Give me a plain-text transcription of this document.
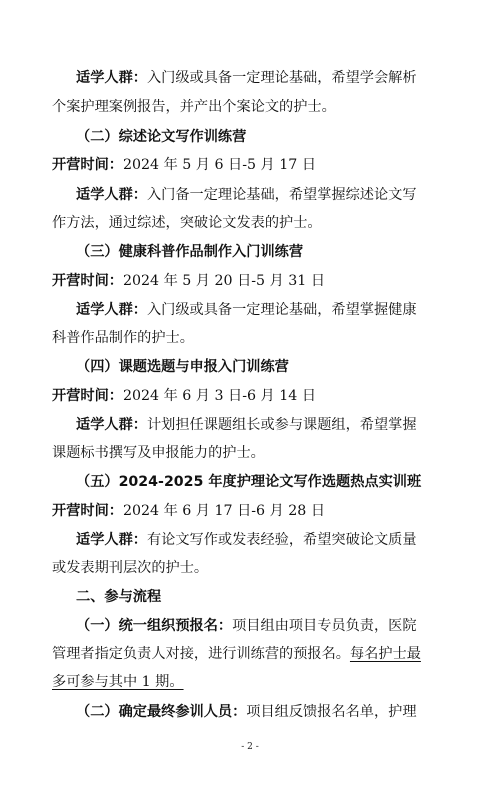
适学人群：入门级或具备一定理论基础，希望学会解析
个案护理案例报告，并产出个案论文的护士。
（二）综述论文写作训练营
开营时间：2024 年 5 月 6 日-5 月 17 日
适学人群：入门备一定理论基础，希望掌握综述论文写
作方法，通过综述，突破论文发表的护士。
（三）健康科普作品制作入门训练营
开营时间：2024 年 5 月 20 日-5 月 31 日
适学人群：入门级或具备一定理论基础，希望掌握健康
科普作品制作的护士。
（四）课题选题与申报入门训练营
开营时间：2024 年 6 月 3 日-6 月 14 日
适学人群：计划担任课题组长或参与课题组，希望掌握
课题标书撰写及申报能力的护士。
（五）2024-2025 年度护理论文写作选题热点实训班
开营时间：2024 年 6 月 17 日-6 月 28 日
适学人群：有论文写作或发表经验，希望突破论文质量
或发表期刊层次的护士。
二、参与流程
（一）统一组织预报名：项目组由项目专员负责，医院
管理者指定负责人对接，进行训练营的预报名。每名护士最
多可参与其中 1 期。
（二）确定最终参训人员：项目组反馈报名名单，护理
- 2 -
